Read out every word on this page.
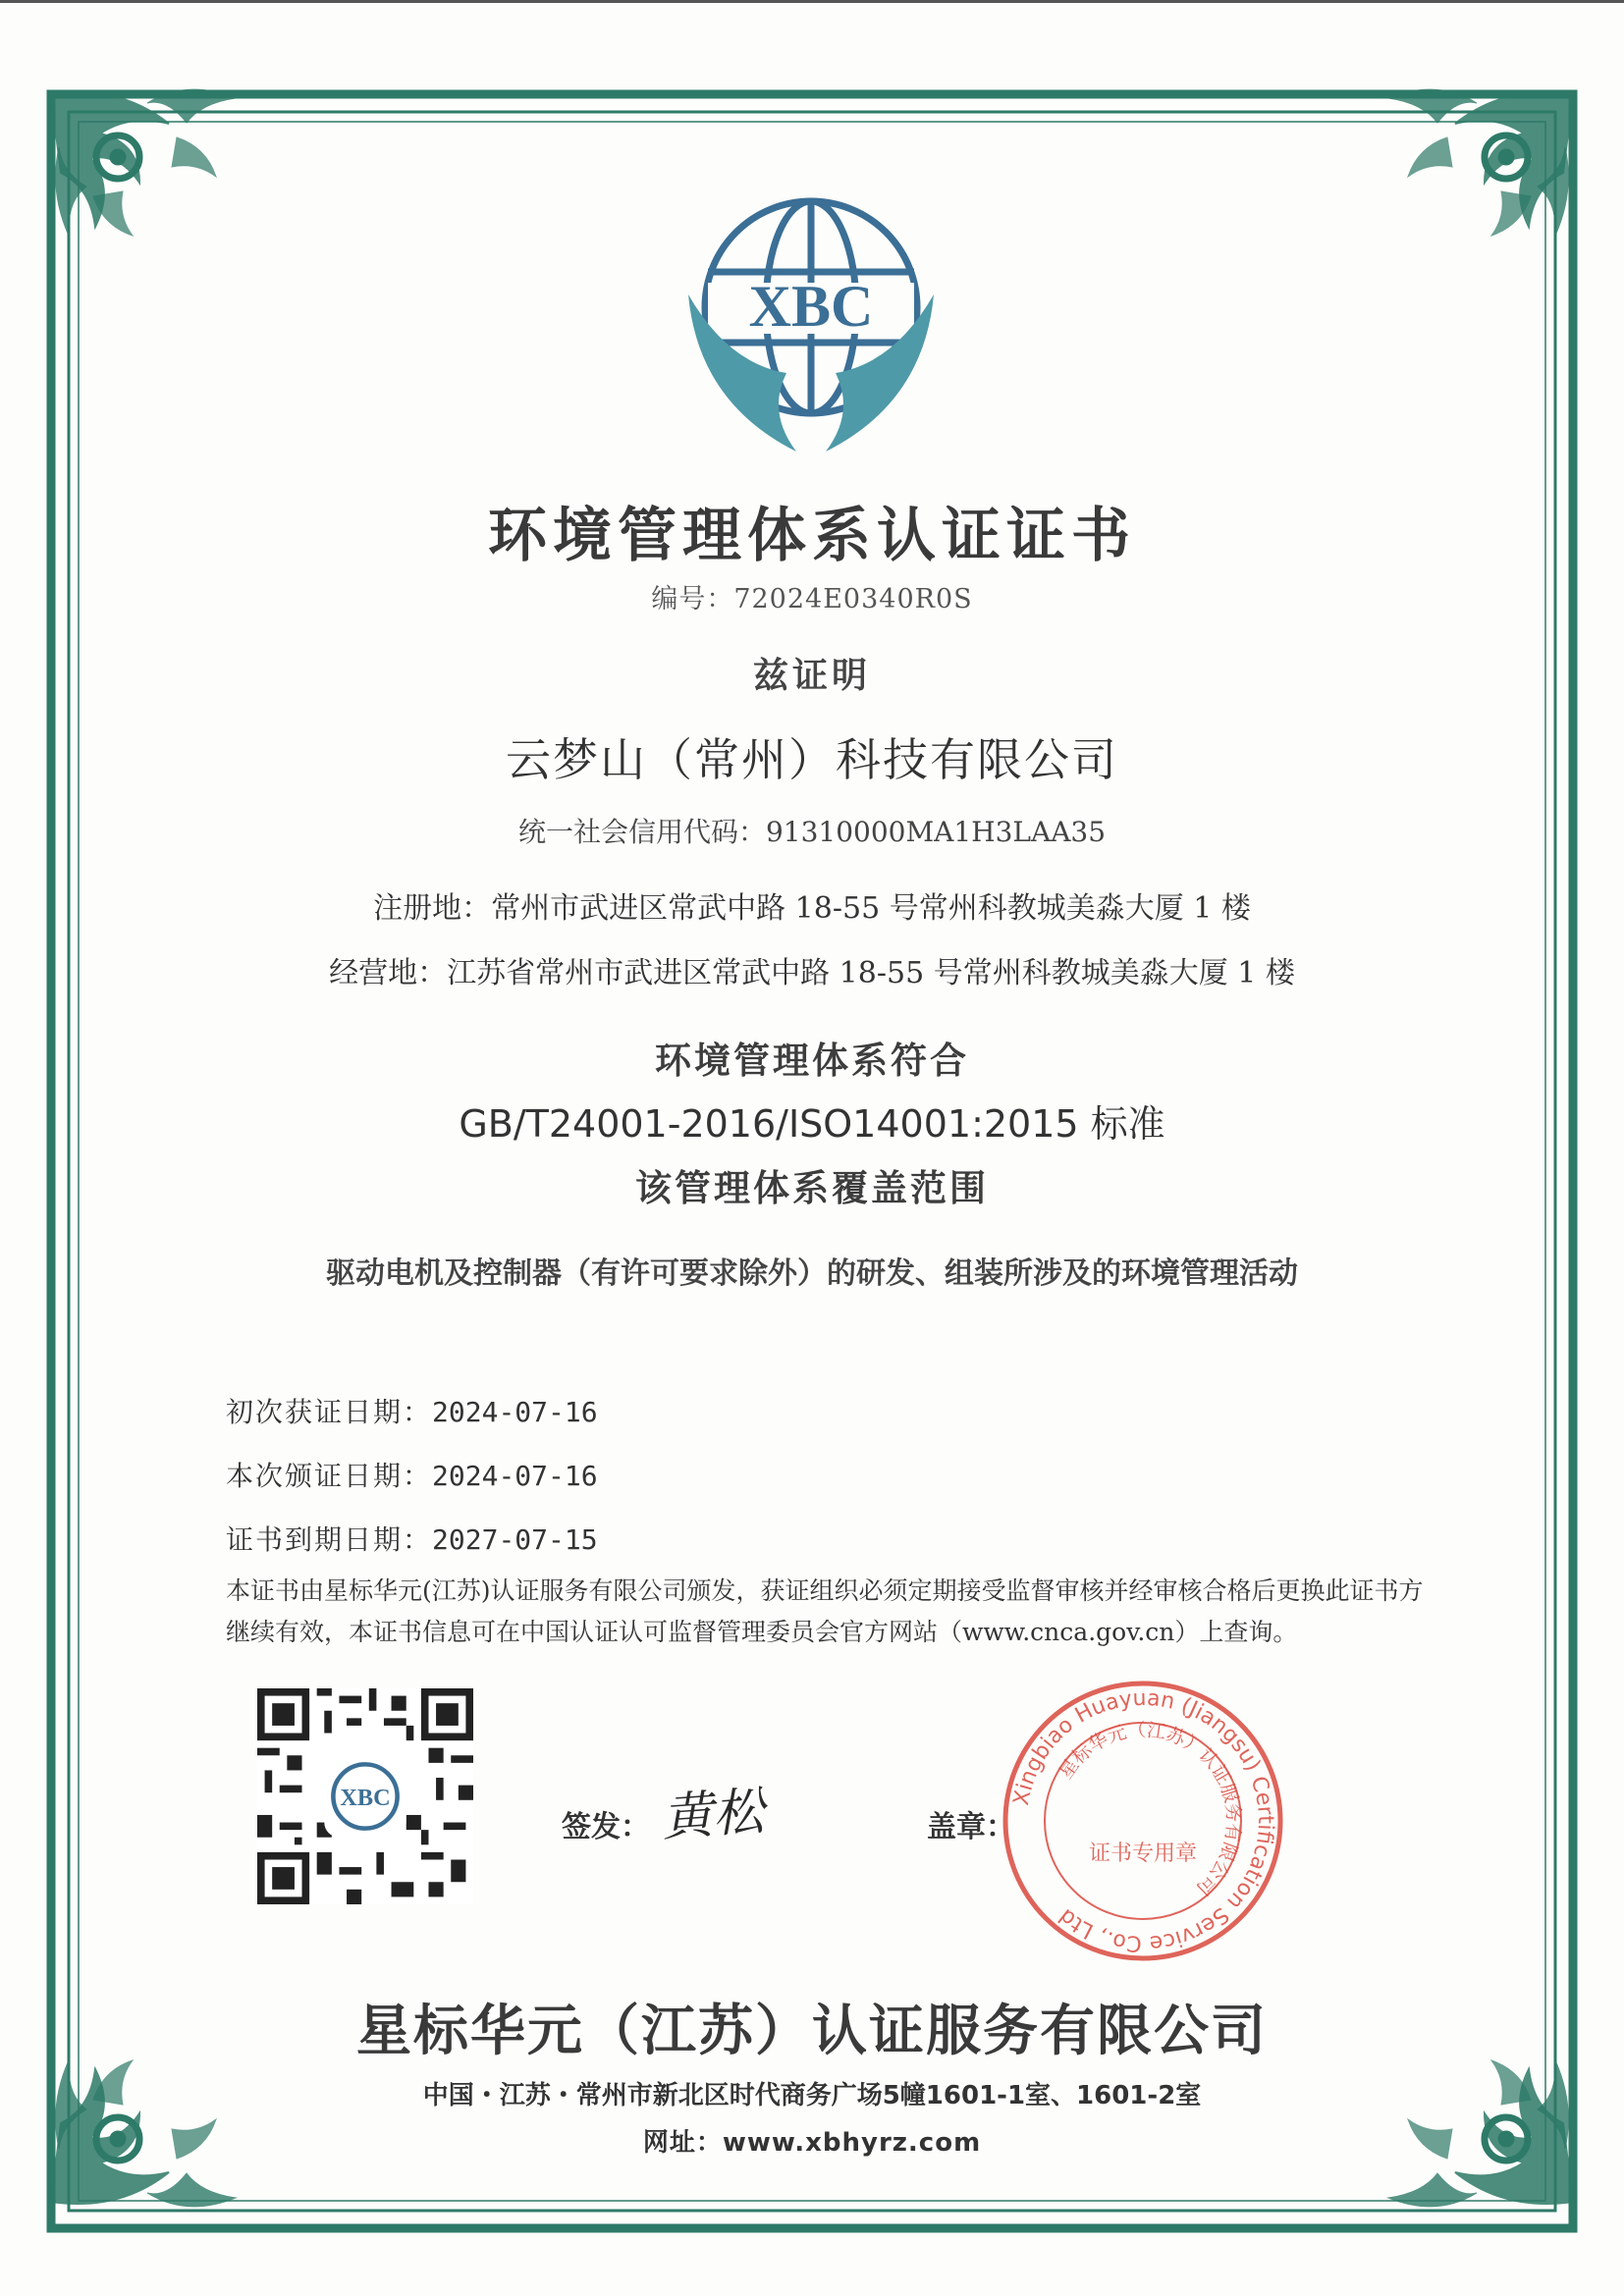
XBC
环境管理体系认证证书
编号：72024E0340R0S
兹证明
云梦山（常州）科技有限公司
统一社会信用代码：91310000MA1H3LAA35
注册地：常州市武进区常武中路 18-55 号常州科教城美淼大厦 1 楼
经营地：江苏省常州市武进区常武中路 18-55 号常州科教城美淼大厦 1 楼
环境管理体系符合
GB/T24001-2016/ISO14001:2015 标准
该管理体系覆盖范围
驱动电机及控制器（有许可要求除外）的研发、组装所涉及的环境管理活动
初次获证日期：2024-07-16
本次颁证日期：2024-07-16
证书到期日期：2027-07-15
本证书由星标华元(江苏)认证服务有限公司颁发，获证组织必须定期接受监督审核并经审核合格后更换此证书方继续有效，本证书信息可在中国认证认可监督管理委员会官方网站（www.cnca.gov.cn）上查询。
XBC
签发： 黄松	盖章：
Xingbiao Huayuan (Jiangsu) Certification Service Co., Ltd
星标华元（江苏）认证服务有限公司
证书专用章
星标华元（江苏）认证服务有限公司
中国・江苏・常州市新北区时代商务广场5幢1601-1室、1601-2室
网址：www.xbhyrz.com
